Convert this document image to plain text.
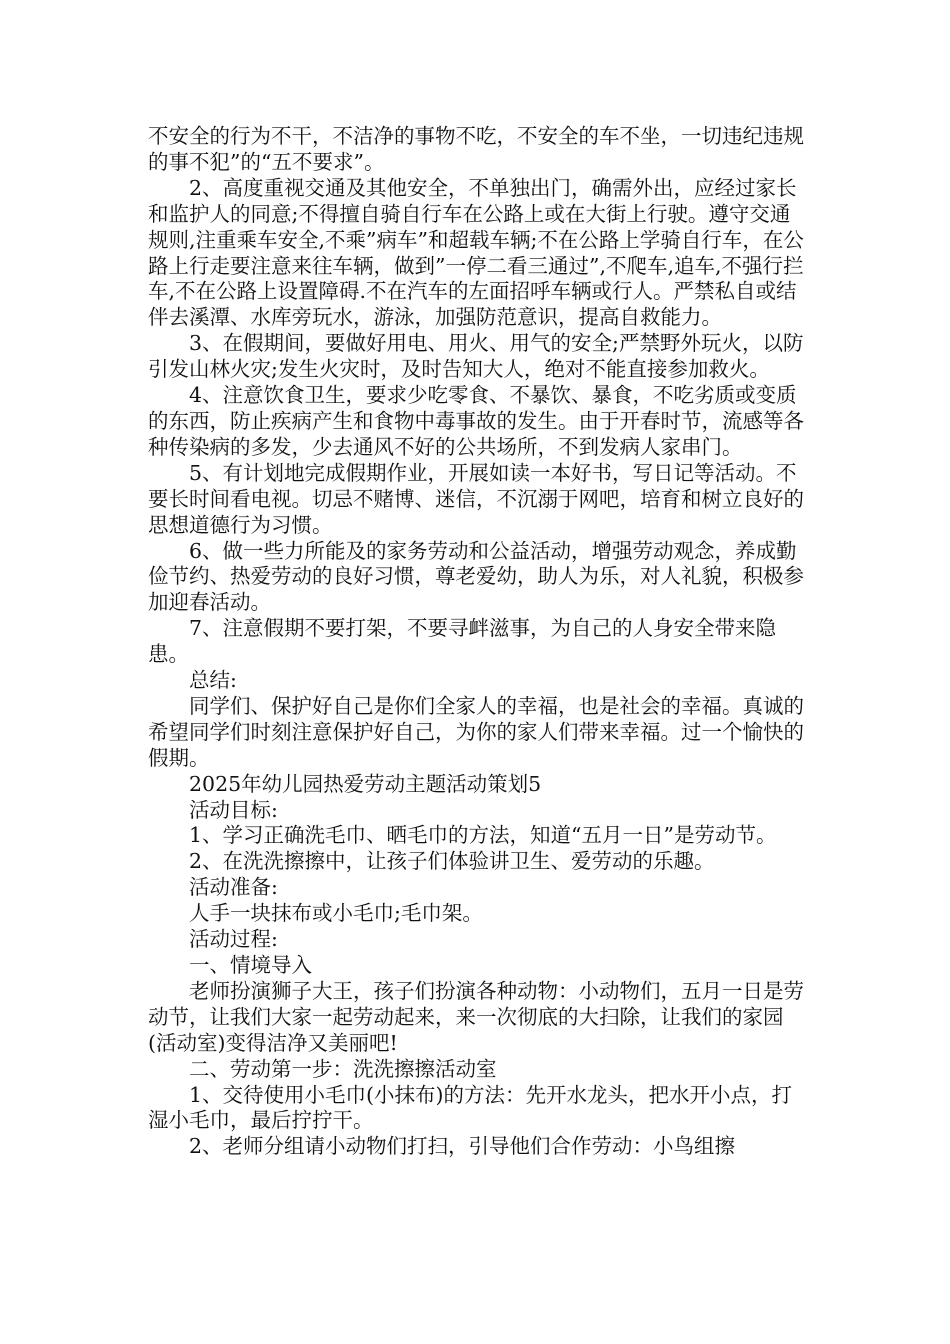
不安全的行为不干，不洁净的事物不吃，不安全的车不坐，一切违纪违规的事不犯”的“五不要求”。

2、高度重视交通及其他安全，不单独出门，确需外出，应经过家长和监护人的同意;不得擅自骑自行车在公路上或在大街上行驶。遵守交通规则,注重乘车安全,不乘”病车”和超载车辆;不在公路上学骑自行车，在公路上行走要注意来往车辆，做到”一停二看三通过”,不爬车,追车,不强行拦车,不在公路上设置障碍.不在汽车的左面招呼车辆或行人。严禁私自或结伴去溪潭、水库旁玩水，游泳，加强防范意识，提高自救能力。

3、在假期间，要做好用电、用火、用气的安全;严禁野外玩火，以防引发山林火灾;发生火灾时，及时告知大人，绝对不能直接参加救火。

4、注意饮食卫生，要求少吃零食、不暴饮、暴食，不吃劣质或变质的东西，防止疾病产生和食物中毒事故的发生。由于开春时节，流感等各种传染病的多发，少去通风不好的公共场所，不到发病人家串门。

5、有计划地完成假期作业，开展如读一本好书，写日记等活动。不要长时间看电视。切忌不赌博、迷信，不沉溺于网吧，培育和树立良好的思想道德行为习惯。

6、做一些力所能及的家务劳动和公益活动，增强劳动观念，养成勤俭节约、热爱劳动的良好习惯，尊老爱幼，助人为乐，对人礼貌，积极参加迎春活动。

7、注意假期不要打架，不要寻衅滋事，为自己的人身安全带来隐患。

总结:

同学们、保护好自己是你们全家人的幸福，也是社会的幸福。真诚的希望同学们时刻注意保护好自己，为你的家人们带来幸福。过一个愉快的假期。

2025年幼儿园热爱劳动主题活动策划5

活动目标:

1、学习正确洗毛巾、晒毛巾的方法，知道“五月一日”是劳动节。

2、在洗洗擦擦中，让孩子们体验讲卫生、爱劳动的乐趣。

活动准备:

人手一块抹布或小毛巾;毛巾架。

活动过程:

一、情境导入

老师扮演狮子大王，孩子们扮演各种动物：小动物们，五月一日是劳动节，让我们大家一起劳动起来，来一次彻底的大扫除，让我们的家园(活动室)变得洁净又美丽吧!

二、劳动第一步：洗洗擦擦活动室

1、交待使用小毛巾(小抹布)的方法：先开水龙头，把水开小点，打湿小毛巾，最后拧拧干。

2、老师分组请小动物们打扫，引导他们合作劳动：小鸟组擦
